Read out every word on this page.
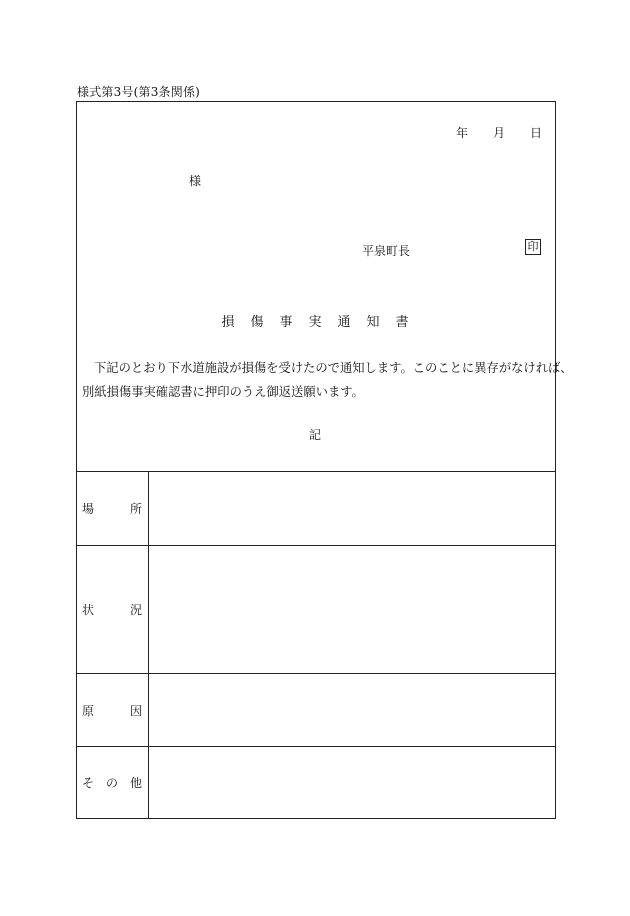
様式第3号(第3条関係)
年 月 日
様
平泉町長	印
損 傷 事 実 通 知 書
下記のとおり下水道施設が損傷を受けたので通知します。このことに異存がなければ、
別紙損傷事実確認書に押印のうえ御返送願います。
記
場 所	

状 況	

原 因	

そ の 他	
